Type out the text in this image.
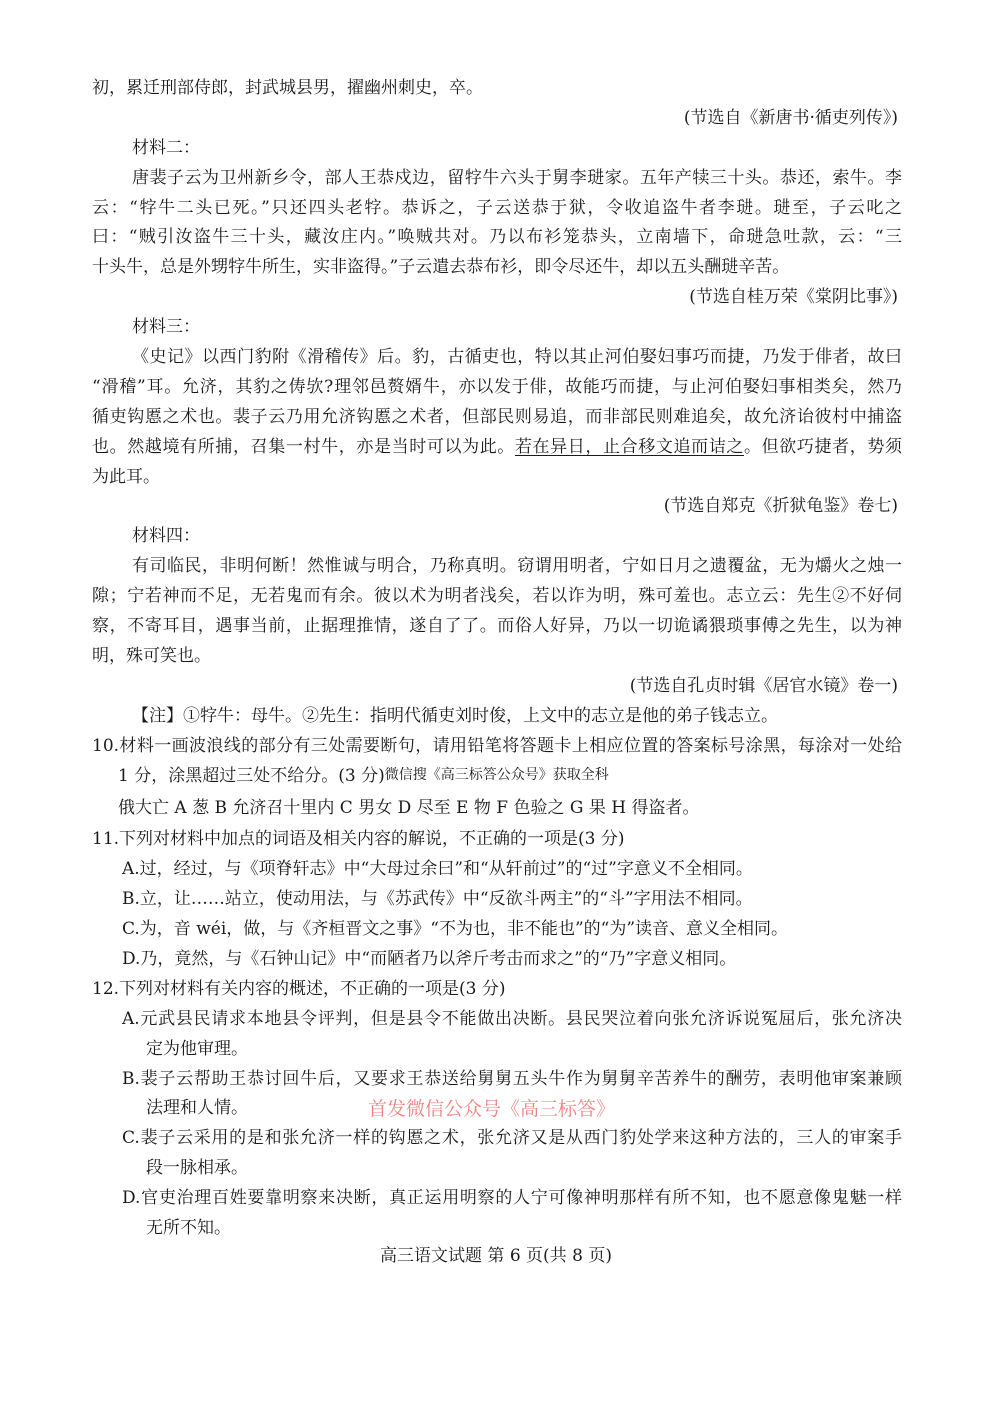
初，累迁刑部侍郎，封武城县男，擢幽州刺史，卒。
(节选自《新唐书·循吏列传》)
材料二：
唐裴子云为卫州新乡令，部人王恭戍边，留牸牛六头于舅李琎家。五年产犊三十头。恭还，索牛。李
云：“牸牛二头已死。”只还四头老牸。恭诉之，子云送恭于狱，令收追盗牛者李琎。琎至，子云叱之
曰：“贼引汝盗牛三十头，藏汝庄内。”唤贼共对。乃以布衫笼恭头，立南墙下，命琎急吐款，云：“三
十头牛，总是外甥牸牛所生，实非盗得。”子云遣去恭布衫，即令尽还牛，却以五头酬琎辛苦。
(节选自桂万荣《棠阴比事》)
材料三：
《史记》以西门豹附《滑稽传》后。豹，古循吏也，特以其止河伯娶妇事巧而捷，乃发于俳者，故曰
“滑稽”耳。允济，其豹之俦欤?理邻邑赘婿牛，亦以发于俳，故能巧而捷，与止河伯娶妇事相类矣，然乃
循吏钩慝之术也。裴子云乃用允济钩慝之术者，但部民则易追，而非部民则难追矣，故允济诒彼村中捕盗
也。然越境有所捕，召集一村牛，亦是当时可以为此。若在异日，止合移文追而诘之。但欲巧捷者，势须
为此耳。
(节选自郑克《折狱龟鉴》卷七)
材料四：
有司临民，非明何断！然惟诚与明合，乃称真明。窃谓用明者，宁如日月之遗覆盆，无为爝火之烛一
隙；宁若神而不足，无若鬼而有余。彼以术为明者浅矣，若以诈为明，殊可羞也。志立云：先生②不好伺
察，不寄耳目，遇事当前，止据理推情，遂自了了。而俗人好异，乃以一切诡谲猥琐事傅之先生，以为神
明，殊可笑也。
(节选自孔贞时辑《居官水镜》卷一)
【注】①牸牛：母牛。②先生：指明代循吏刘时俊，上文中的志立是他的弟子钱志立。
10.材料一画波浪线的部分有三处需要断句，请用铅笔将答题卡上相应位置的答案标号涂黑，每涂对一处给
1 分，涂黑超过三处不给分。(3 分)微信搜《高三标答公众号》获取全科
俄大亡 A 葱 B 允济召十里内 C 男女 D 尽至 E 物 F 色验之 G 果 H 得盗者。
11.下列对材料中加点的词语及相关内容的解说，不正确的一项是(3 分)
A.过，经过，与《项脊轩志》中“大母过余曰”和“从轩前过”的“过”字意义不全相同。
B.立，让……站立，使动用法，与《苏武传》中“反欲斗两主”的“斗”字用法不相同。
C.为，音 wéi，做，与《齐桓晋文之事》“不为也，非不能也”的“为”读音、意义全相同。
D.乃，竟然，与《石钟山记》中“而陋者乃以斧斤考击而求之”的“乃”字意义相同。
12.下列对材料有关内容的概述，不正确的一项是(3 分)
A.元武县民请求本地县令评判，但是县令不能做出决断。县民哭泣着向张允济诉说冤屈后，张允济决
定为他审理。
B.裴子云帮助王恭讨回牛后，又要求王恭送给舅舅五头牛作为舅舅辛苦养牛的酬劳，表明他审案兼顾
法理和人情。
C.裴子云采用的是和张允济一样的钩慝之术，张允济又是从西门豹处学来这种方法的，三人的审案手
段一脉相承。
D.官吏治理百姓要靠明察来决断，真正运用明察的人宁可像神明那样有所不知，也不愿意像鬼魅一样
无所不知。
首发微信公众号《高三标答》
高三语文试题 第 6 页(共 8 页)
